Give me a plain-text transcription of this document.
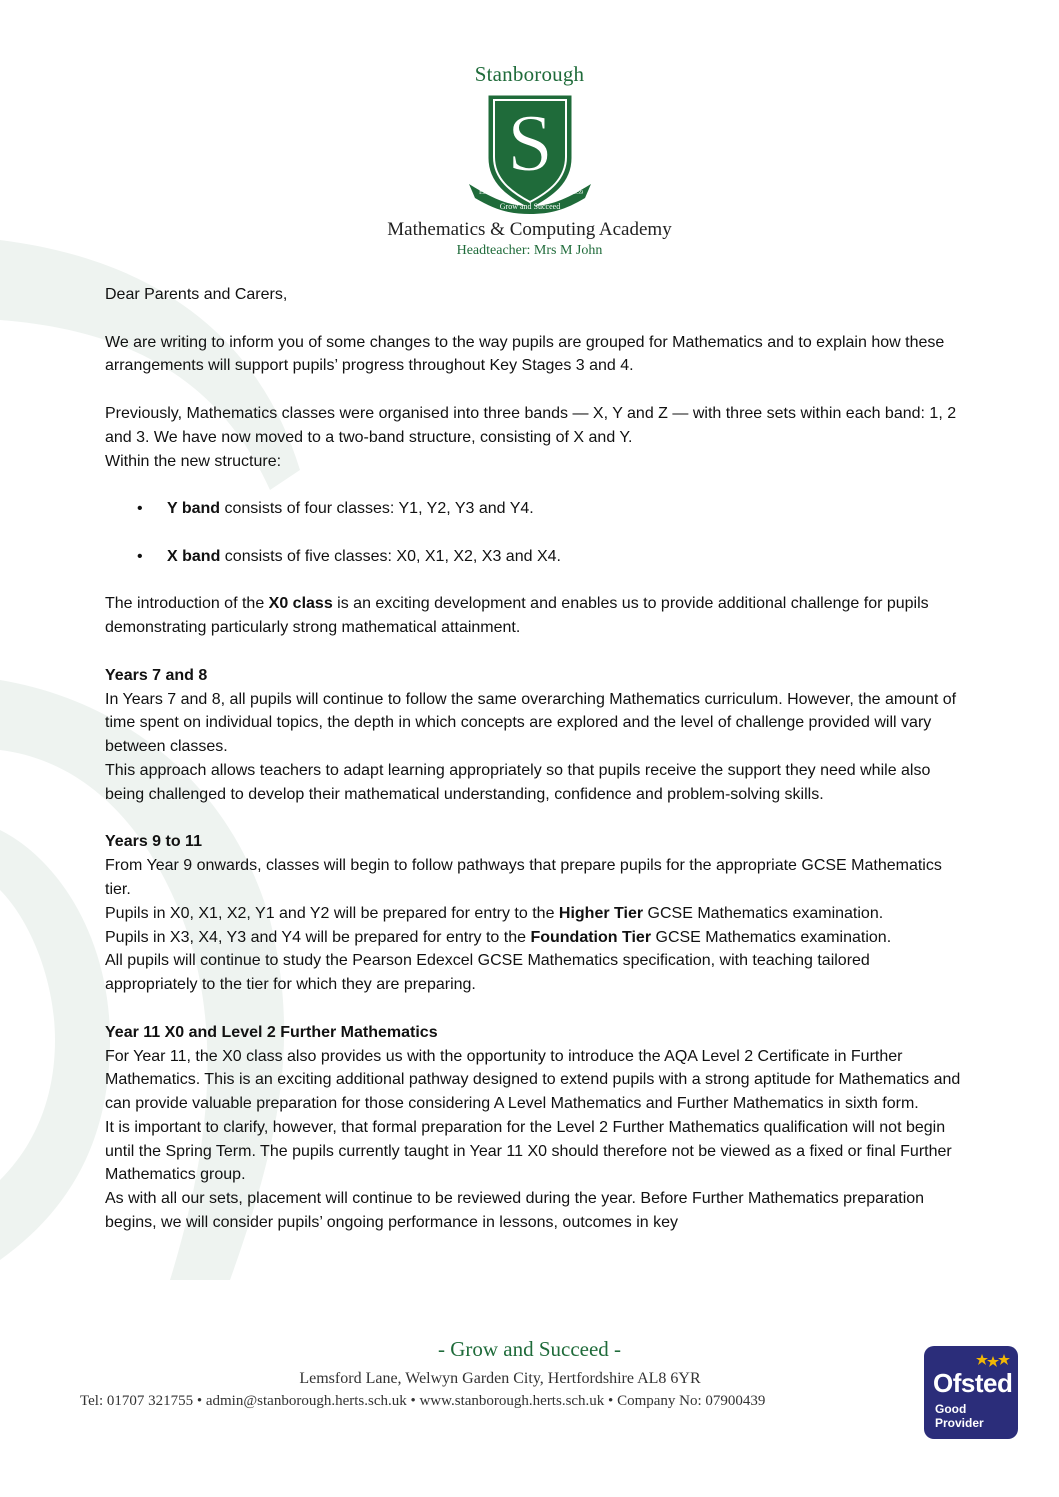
Stanborough
S
Grow and Succeed
Est	1959
Mathematics & Computing Academy
Headteacher: Mrs M John

Dear Parents and Carers,

We are writing to inform you of some changes to the way pupils are grouped for Mathematics and to explain how these arrangements will support pupils’ progress throughout Key Stages 3 and 4.

Previously, Mathematics classes were organised into three bands — X, Y and Z — with three sets within each band: 1, 2 and 3. We have now moved to a two-band structure, consisting of X and Y.

Within the new structure:

• Y band consists of four classes: Y1, Y2, Y3 and Y4.
• X band consists of five classes: X0, X1, X2, X3 and X4.

The introduction of the X0 class is an exciting development and enables us to provide additional challenge for pupils demonstrating particularly strong mathematical attainment.

Years 7 and 8

In Years 7 and 8, all pupils will continue to follow the same overarching Mathematics curriculum. However, the amount of time spent on individual topics, the depth in which concepts are explored and the level of challenge provided will vary between classes.

This approach allows teachers to adapt learning appropriately so that pupils receive the support they need while also being challenged to develop their mathematical understanding, confidence and problem-solving skills.

Years 9 to 11

From Year 9 onwards, classes will begin to follow pathways that prepare pupils for the appropriate GCSE Mathematics tier.

Pupils in X0, X1, X2, Y1 and Y2 will be prepared for entry to the Higher Tier GCSE Mathematics examination.

Pupils in X3, X4, Y3 and Y4 will be prepared for entry to the Foundation Tier GCSE Mathematics examination.

All pupils will continue to study the Pearson Edexcel GCSE Mathematics specification, with teaching tailored appropriately to the tier for which they are preparing.

Year 11 X0 and Level 2 Further Mathematics

For Year 11, the X0 class also provides us with the opportunity to introduce the AQA Level 2 Certificate in Further Mathematics. This is an exciting additional pathway designed to extend pupils with a strong aptitude for Mathematics and can provide valuable preparation for those considering A Level Mathematics and Further Mathematics in sixth form.

It is important to clarify, however, that formal preparation for the Level 2 Further Mathematics qualification will not begin until the Spring Term. The pupils currently taught in Year 11 X0 should therefore not be viewed as a fixed or final Further Mathematics group.

As with all our sets, placement will continue to be reviewed during the year. Before Further Mathematics preparation begins, we will consider pupils’ ongoing performance in lessons, outcomes in key

- Grow and Succeed -
Lemsford Lane, Welwyn Garden City, Hertfordshire AL8 6YR
Tel: 01707 321755 • admin@stanborough.herts.sch.uk • www.stanborough.herts.sch.uk • Company No: 07900439
Ofsted
Good
Provider
